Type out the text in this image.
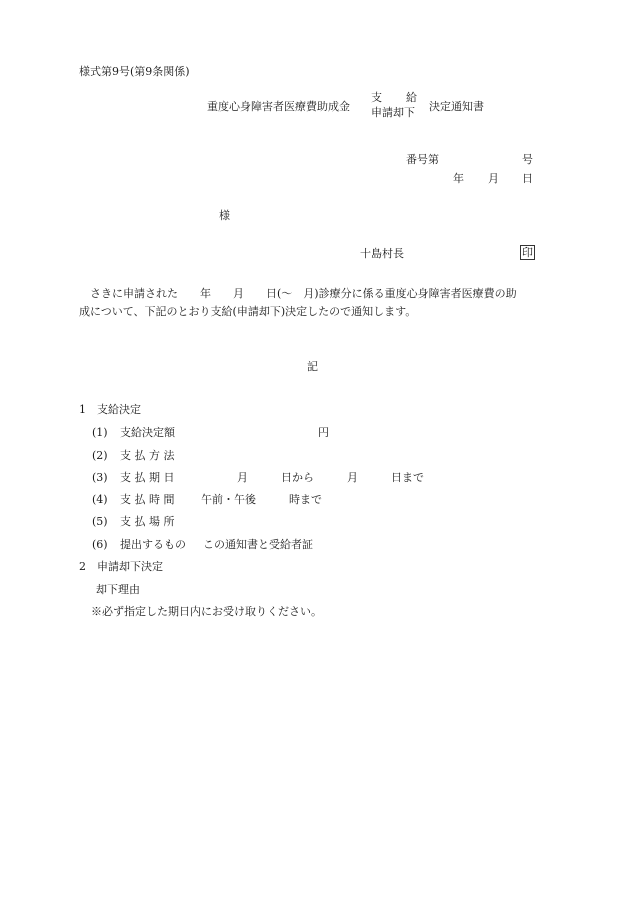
様式第9号(第9条関係)
重度心身障害者医療費助成金
支 給
申請却下 決定通知書
番号第	号
年 月 日
様
十島村長	印
さきに申請された　　年　　月　　日(～　月)診療分に係る重度心身障害者医療費の助
成について、下記のとおり支給(申請却下)決定したので通知します。
記
1　支給決定
(1) 支給決定額	円
(2) 支 払 方 法
(3) 支 払 期 日	月　　　日から　　　月　　　日まで
(4) 支 払 時 間 午前・午後　　　時まで
(5) 支 払 場 所
(6) 提出するもの この通知書と受給者証
2　申請却下決定
却下理由
※必ず指定した期日内にお受け取りください。
